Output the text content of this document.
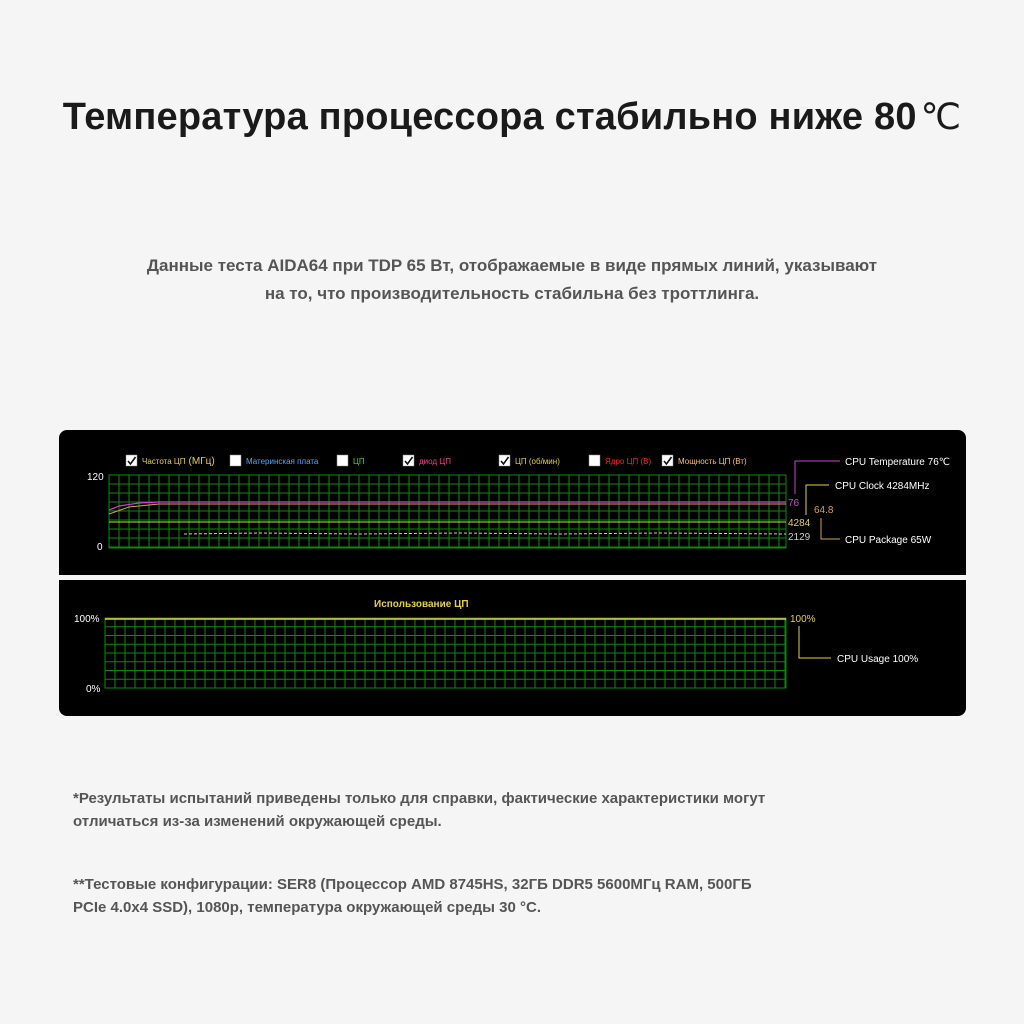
Температура процессора стабильно ниже 80 ℃
Данные теста AIDA64 при TDP 65 Вт, отображаемые в виде прямых линий, указывают
на то, что производительность стабильна без троттлинга.
Частота ЦП (МГц)	Материнская плата	ЦП	диод ЦП	ЦП (об/мин)	Ядро ЦП (В)	Мощность ЦП (Вт)
120
0
76
4284
2129
64.8
CPU Temperature 76℃
CPU Clock 4284MHz
CPU Package 65W
Использование ЦП
100%
0%
100%
CPU Usage 100%
*Результаты испытаний приведены только для справки, фактические характеристики могут
отличаться из-за изменений окружающей среды.
**Тестовые конфигурации: SER8 (Процессор AMD 8745HS, 32ГБ DDR5 5600МГц RAM, 500ГБ
PCIe 4.0x4 SSD), 1080p, температура окружающей среды 30 °C.
